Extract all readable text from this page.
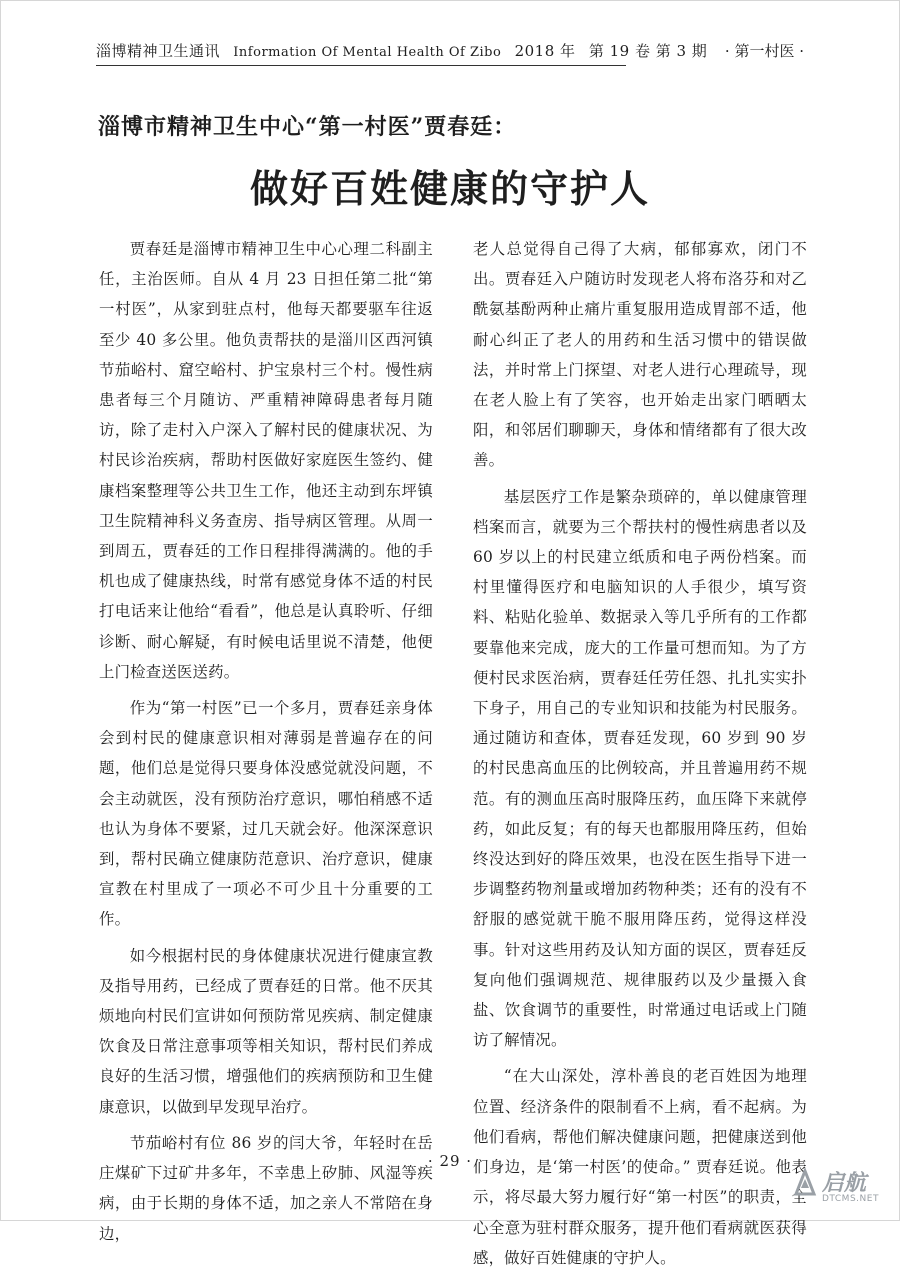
淄博精神卫生通讯 Information Of Mental Health Of Zibo 2018 年 第 19 卷 第 3 期 · 第一村医 ·
淄博市精神卫生中心“第一村医”贾春廷：
做好百姓健康的守护人

贾春廷是淄博市精神卫生中心心理二科副主任，主治医师。自从 4 月 23 日担任第二批“第一村医”，从家到驻点村，他每天都要驱车往返至少 40 多公里。他负责帮扶的是淄川区西河镇节茄峪村、窟空峪村、护宝泉村三个村。慢性病患者每三个月随访、严重精神障碍患者每月随访，除了走村入户深入了解村民的健康状况、为村民诊治疾病，帮助村医做好家庭医生签约、健康档案整理等公共卫生工作，他还主动到东坪镇卫生院精神科义务查房、指导病区管理。从周一到周五，贾春廷的工作日程排得满满的。他的手机也成了健康热线，时常有感觉身体不适的村民打电话来让他给“看看”，他总是认真聆听、仔细诊断、耐心解疑，有时候电话里说不清楚，他便上门检查送医送药。

作为“第一村医”已一个多月，贾春廷亲身体会到村民的健康意识相对薄弱是普遍存在的问题，他们总是觉得只要身体没感觉就没问题，不会主动就医，没有预防治疗意识，哪怕稍感不适也认为身体不要紧，过几天就会好。他深深意识到，帮村民确立健康防范意识、治疗意识，健康宣教在村里成了一项必不可少且十分重要的工作。

如今根据村民的身体健康状况进行健康宣教及指导用药，已经成了贾春廷的日常。他不厌其烦地向村民们宣讲如何预防常见疾病、制定健康饮食及日常注意事项等相关知识，帮村民们养成良好的生活习惯，增强他们的疾病预防和卫生健康意识，以做到早发现早治疗。

节茄峪村有位 86 岁的闫大爷，年轻时在岳庄煤矿下过矿井多年，不幸患上矽肺、风湿等疾病，由于长期的身体不适，加之亲人不常陪在身边，

老人总觉得自己得了大病，郁郁寡欢，闭门不出。贾春廷入户随访时发现老人将布洛芬和对乙酰氨基酚两种止痛片重复服用造成胃部不适，他耐心纠正了老人的用药和生活习惯中的错误做法，并时常上门探望、对老人进行心理疏导，现在老人脸上有了笑容，也开始走出家门晒晒太阳，和邻居们聊聊天，身体和情绪都有了很大改善。

基层医疗工作是繁杂琐碎的，单以健康管理档案而言，就要为三个帮扶村的慢性病患者以及 60 岁以上的村民建立纸质和电子两份档案。而村里懂得医疗和电脑知识的人手很少，填写资料、粘贴化验单、数据录入等几乎所有的工作都要靠他来完成，庞大的工作量可想而知。为了方便村民求医治病，贾春廷任劳任怨、扎扎实实扑下身子，用自己的专业知识和技能为村民服务。通过随访和查体，贾春廷发现，60 岁到 90 岁的村民患高血压的比例较高，并且普遍用药不规范。有的测血压高时服降压药，血压降下来就停药，如此反复；有的每天也都服用降压药，但始终没达到好的降压效果，也没在医生指导下进一步调整药物剂量或增加药物种类；还有的没有不舒服的感觉就干脆不服用降压药，觉得这样没事。针对这些用药及认知方面的误区，贾春廷反复向他们强调规范、规律服药以及少量摄入食盐、饮食调节的重要性，时常通过电话或上门随访了解情况。

“在大山深处，淳朴善良的老百姓因为地理位置、经济条件的限制看不上病，看不起病。为他们看病，帮他们解决健康问题，把健康送到他们身边，是‘第一村医’的使命。” 贾春廷说。他表示，将尽最大努力履行好“第一村医”的职责，全心全意为驻村群众服务，提升他们看病就医获得感，做好百姓健康的守护人。

· 29 ·
启航
DTCMS.NET
